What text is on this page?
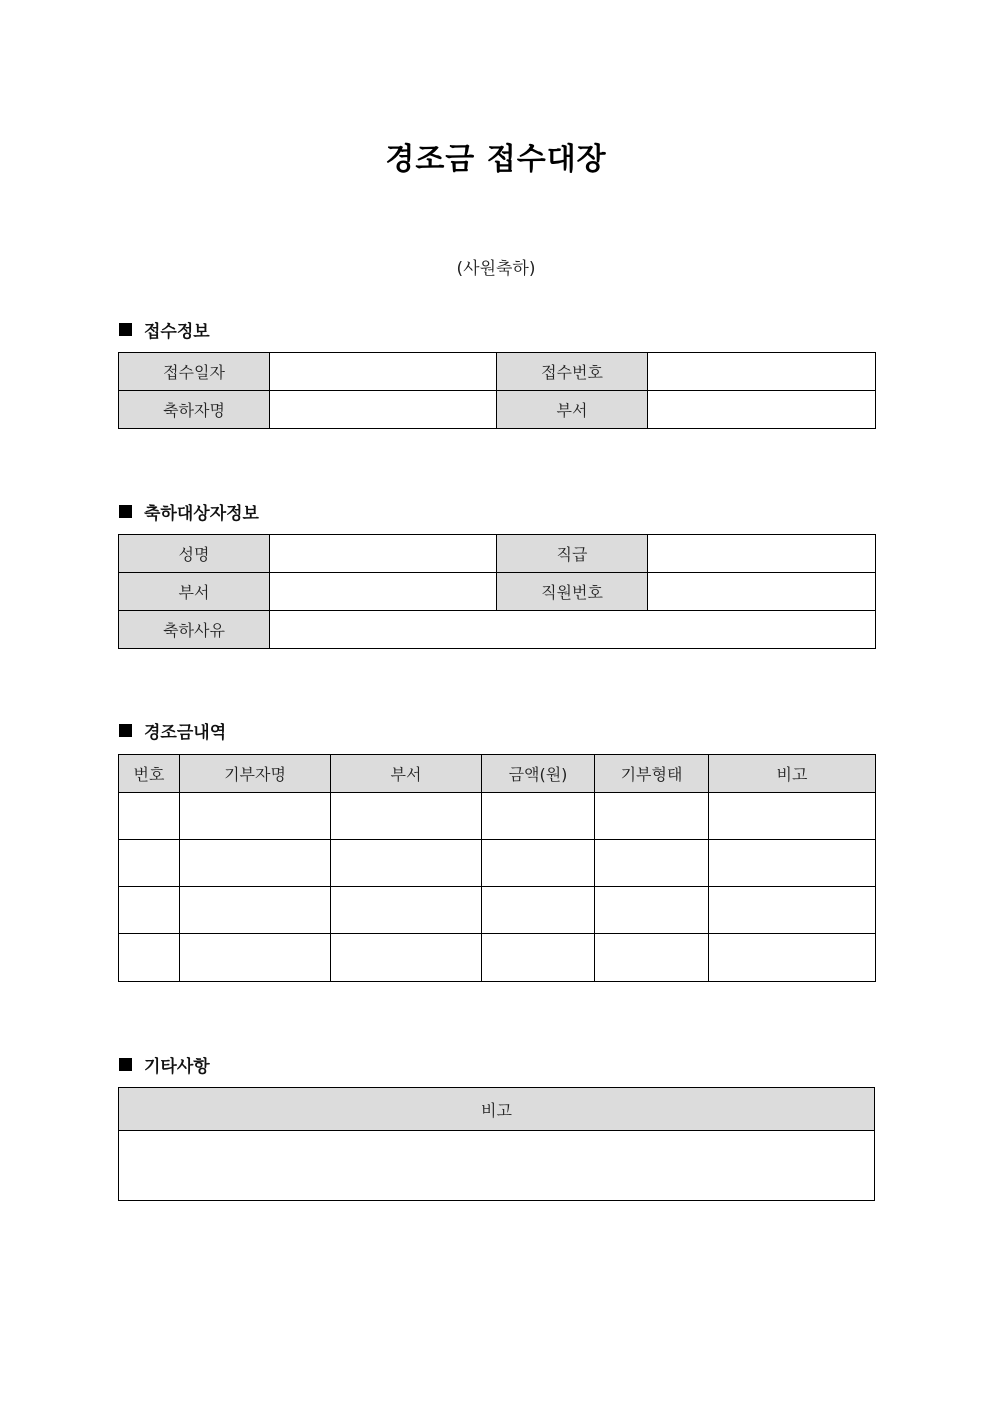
경조금 접수대장
(사원축하)
접수정보
접수일자		접수번호	
축하자명		부서	
축하대상자정보
성명		직급	
부서		직원번호	
축하사유			
경조금내역
번호	기부자명	부서	금액(원)	기부형태	비고

기타사항
비고
